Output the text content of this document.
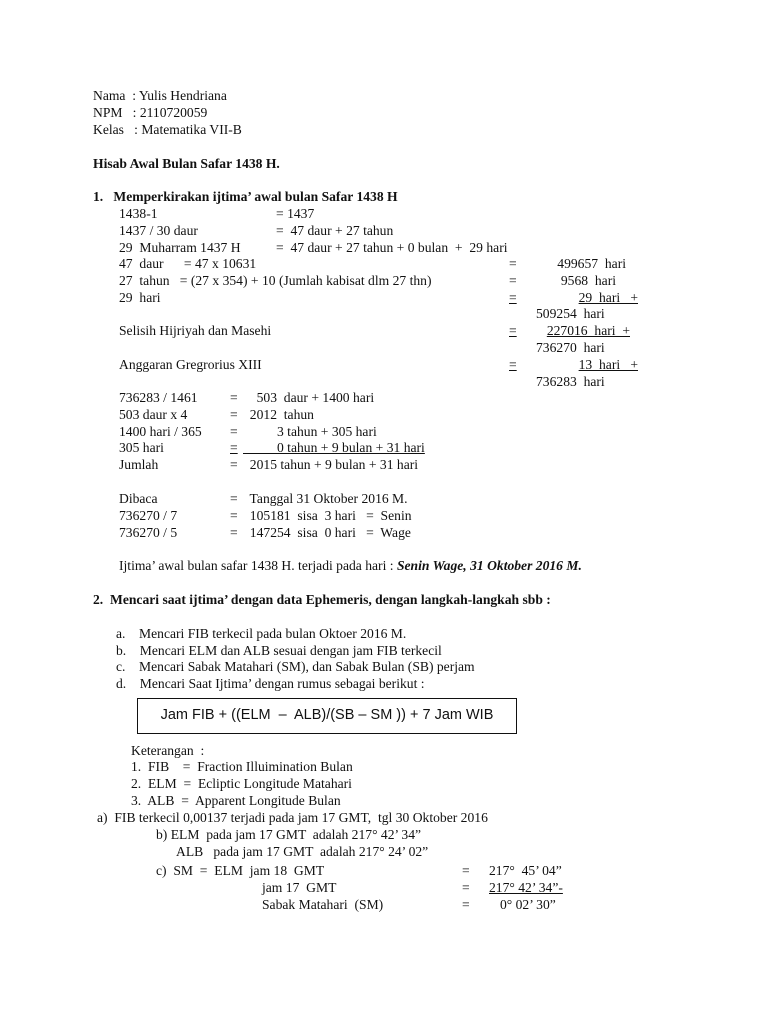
Nama  : Yulis Hendriana
NPM   : 2110720059
Kelas   : Matematika VII-B
Hisab Awal Bulan Safar 1438 H.
1.   Memperkirakan ijtima’ awal bulan Safar 1438 H
1438-1	= 1437
1437 / 30 daur	=  47 daur + 27 tahun
29  Muharram 1437 H	=  47 daur + 27 tahun + 0 bulan  +  29 hari
47  daur      = 47 x 10631	=	499657  hari
27  tahun   = (27 x 354) + 10 (Jumlah kabisat dlm 27 thn)	=	9568  hari
29  hari	=	29  hari   +
509254  hari
Selisih Hijriyah dan Masehi	=	227016  hari  +
736270  hari
Anggaran Gregrorius XIII	=	13  hari   +
736283  hari
736283 / 1461 = 503  daur + 1400 hari
503 daur x 4	= 2012  tahun
1400 hari / 365 = 3 tahun + 305 hari
305 hari	= 0 tahun + 9 bulan + 31 hari
Jumlah	= 2015 tahun + 9 bulan + 31 hari
Dibaca	= Tanggal 31 Oktober 2016 M.
736270 / 7	= 105181  sisa  3 hari   =  Senin
736270 / 5	= 147254  sisa  0 hari   =  Wage
Ijtima’ awal bulan safar 1438 H. terjadi pada hari : Senin Wage, 31 Oktober 2016 M.
2.  Mencari saat ijtima’ dengan data Ephemeris, dengan langkah-langkah sbb :
a.    Mencari FIB terkecil pada bulan Oktoer 2016 M.
b.    Mencari ELM dan ALB sesuai dengan jam FIB terkecil
c.    Mencari Sabak Matahari (SM), dan Sabak Bulan (SB) perjam
d.    Mencari Saat Ijtima’ dengan rumus sebagai berikut :
Jam FIB + ((ELM  –  ALB)/(SB – SM )) + 7 Jam WIB
Keterangan  :
1.  FIB    =  Fraction Illuimination Bulan
2.  ELM  =  Ecliptic Longitude Matahari
3.  ALB  =  Apparent Longitude Bulan
a)  FIB terkecil 0,00137 terjadi pada jam 17 GMT,  tgl 30 Oktober 2016
b) ELM  pada jam 17 GMT  adalah 217° 42’ 34”
ALB   pada jam 17 GMT  adalah 217° 24’ 02”
c)  SM  =  ELM  jam 18  GMT	= 217°  45’ 04”
jam 17  GMT	= 217° 42’ 34”-
Sabak Matahari  (SM)	= 0° 02’ 30”
